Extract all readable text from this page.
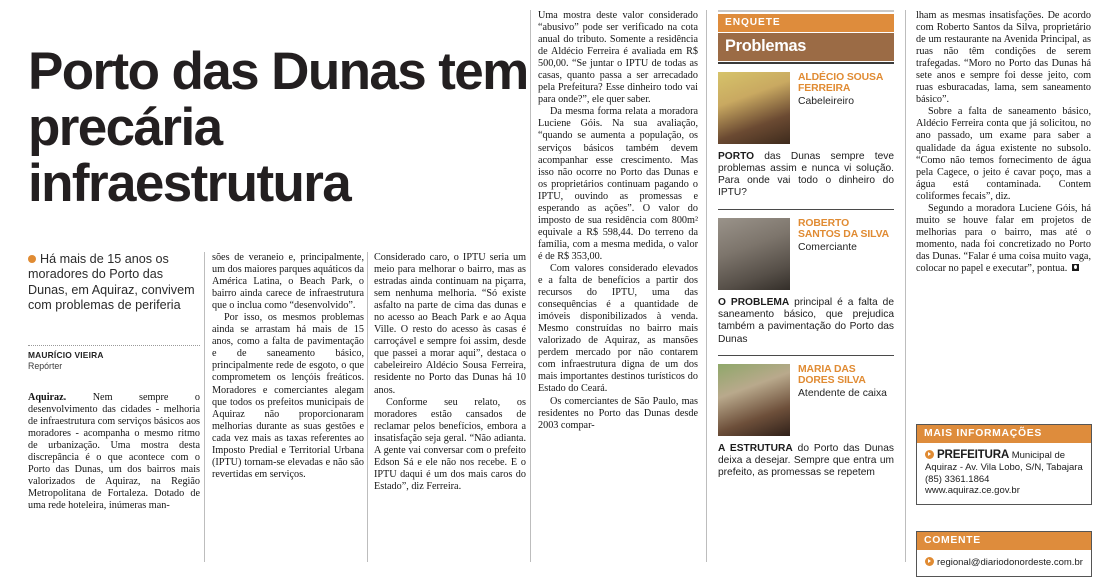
Porto das Dunas tem precária infraestrutura
Há mais de 15 anos os moradores do Porto das Dunas, em Aquiraz, convivem com problemas de periferia
MAURÍCIO VIEIRA
Repórter

Aquiraz. Nem sempre o desenvolvimento das cidades - melhoria de infraestrutura com serviços básicos aos moradores - acompanha o mesmo ritmo de urbanização. Uma mostra desta discrepância é o que acontece com o Porto das Dunas, um dos bairros mais valorizados de Aquiraz, na Região Metropolitana de Fortaleza. Dotado de uma rede hoteleira, inúmeras man-

sões de veraneio e, principalmente, um dos maiores parques aquáticos da América Latina, o Beach Park, o bairro ainda carece de infraestrutura que o inclua como “desenvolvido”.

Por isso, os mesmos problemas ainda se arrastam há mais de 15 anos, como a falta de pavimentação e de saneamento básico, principalmente rede de esgoto, o que comprometem os lençóis freáticos. Moradores e comerciantes alegam que todos os prefeitos municipais de Aquiraz não proporcionaram melhorias durante as suas gestões e cada vez mais as taxas referentes ao Imposto Predial e Territorial Urbana (IPTU) tornam-se elevadas e não são revertidas em serviços.

Considerado caro, o IPTU seria um meio para melhorar o bairro, mas as estradas ainda continuam na piçarra, sem nenhuma melhoria. “Só existe asfalto na parte de cima das dunas e no acesso ao Beach Park e ao Aqua Ville. O resto do acesso às casas é carroçável e sempre foi assim, desde que passei a morar aqui”, destaca o cabeleireiro Aldécio Sousa Ferreira, residente no Porto das Dunas há 10 anos.

Conforme seu relato, os moradores estão cansados de reclamar pelos benefícios, embora a insatisfação seja geral. “Não adianta. A gente vai conversar com o prefeito Edson Sá e ele não nos recebe. E o IPTU daqui é um dos mais caros do Estado”, diz Ferreira.

Uma mostra deste valor considerado “abusivo” pode ser verificado na cota anual do tributo. Somente a residência de Aldécio Ferreira é avaliada em R$ 500,00. “Se juntar o IPTU de todas as casas, quanto passa a ser arrecadado pela Prefeitura? Esse dinheiro todo vai para onde?”, ele quer saber.

Da mesma forma relata a moradora Luciene Góis. Na sua avaliação, “quando se aumenta a população, os serviços básicos também devem acompanhar esse crescimento. Mas isso não ocorre no Porto das Dunas e os proprietários continuam pagando o IPTU, ouvindo as promessas e esperando as ações”. O valor do imposto de sua residência com 800m² equivale a R$ 598,44. Do terreno da família, com a mesma medida, o valor é de R$ 353,00.

Com valores considerado elevados e a falta de benefícios a partir dos recursos do IPTU, uma das consequências é a quantidade de imóveis disponibilizados à venda. Mesmo construídas no bairro mais valorizado de Aquiraz, as mansões perdem mercado por não contarem com infraestrutura digna de um dos mais importantes destinos turísticos do Estado do Ceará.

Os comerciantes de São Paulo, mas residentes no Porto das Dunas desde 2003 compar-

lham as mesmas insatisfações. De acordo com Roberto Santos da Silva, proprietário de um restaurante na Avenida Principal, as ruas não têm condições de serem trafegadas. “Moro no Porto das Dunas há sete anos e sempre foi desse jeito, com ruas esburacadas, lama, sem saneamento básico”.

Sobre a falta de saneamento básico, Aldécio Ferreira conta que já solicitou, no ano passado, um exame para saber a qualidade da água existente no subsolo. “Como não temos fornecimento de água pela Cagece, o jeito é cavar poço, mas a água está contaminada. Contem coliformes fecais”, diz.

Segundo a moradora Luciene Góis, há muito se houve falar em projetos de melhorias para o bairro, mas até o momento, nada foi concretizado no Porto das Dunas. “Falar é uma coisa muito vaga, colocar no papel e executar”, pontua.

ENQUETE
Problemas
ALDÉCIO SOUSA FERREIRA
Cabeleireiro
PORTO das Dunas sempre teve problemas assim e nunca vi solução. Para onde vai todo o dinheiro do IPTU?
ROBERTO SANTOS DA SILVA
Comerciante
O PROBLEMA principal é a falta de saneamento básico, que prejudica também a pavimentação do Porto das Dunas
MARIA DAS DORES SILVA
Atendente de caixa
A ESTRUTURA do Porto das Dunas deixa a desejar. Sempre que entra um prefeito, as promessas se repetem
MAIS INFORMAÇÕES
PREFEITURA Municipal de Aquiraz - Av. Vila Lobo, S/N, Tabajara
(85) 3361.1864
www.aquiraz.ce.gov.br
COMENTE
regional@diariodonordeste.com.br
